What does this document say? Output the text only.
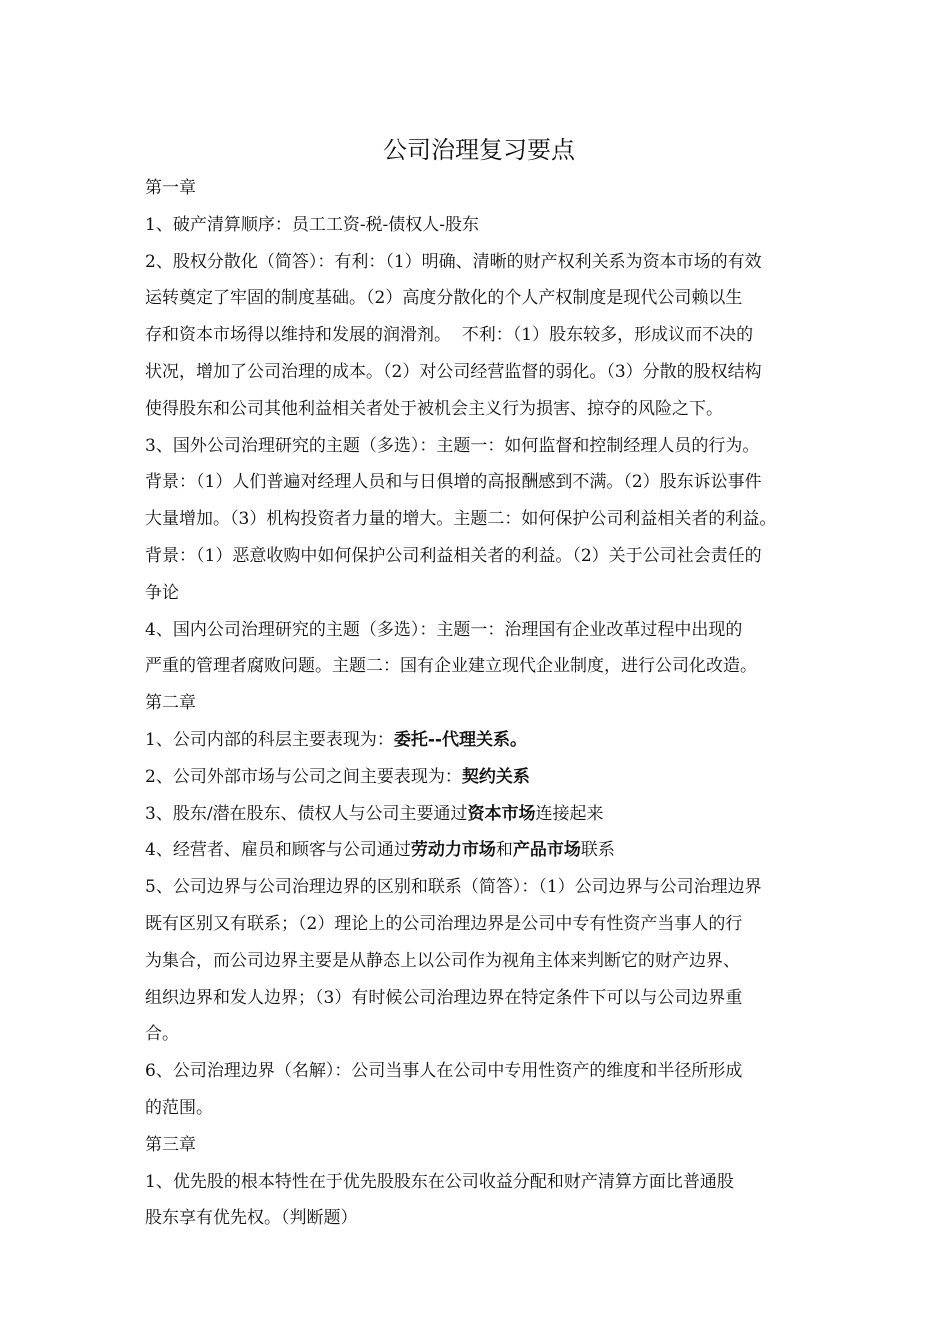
公司治理复习要点

第一章

1、破产清算顺序：员工工资-税-债权人-股东

2、股权分散化（简答）：有利：（1）明确、清晰的财产权利关系为资本市场的有效

运转奠定了牢固的制度基础。（2）高度分散化的个人产权制度是现代公司赖以生

存和资本市场得以维持和发展的润滑剂。  不利：（1）股东较多，形成议而不决的

状况，增加了公司治理的成本。（2）对公司经营监督的弱化。（3）分散的股权结构

使得股东和公司其他利益相关者处于被机会主义行为损害、掠夺的风险之下。

3、国外公司治理研究的主题（多选）：主题一：如何监督和控制经理人员的行为。

背景：（1）人们普遍对经理人员和与日俱增的高报酬感到不满。（2）股东诉讼事件

大量增加。（3）机构投资者力量的增大。主题二：如何保护公司利益相关者的利益。

背景：（1）恶意收购中如何保护公司利益相关者的利益。（2）关于公司社会责任的

争论

4、国内公司治理研究的主题（多选）：主题一：治理国有企业改革过程中出现的

严重的管理者腐败问题。主题二：国有企业建立现代企业制度，进行公司化改造。

第二章

1、公司内部的科层主要表现为：委托--代理关系。

2、公司外部市场与公司之间主要表现为：契约关系

3、股东/潜在股东、债权人与公司主要通过资本市场连接起来

4、经营者、雇员和顾客与公司通过劳动力市场和产品市场联系

5、公司边界与公司治理边界的区别和联系（简答）：（1）公司边界与公司治理边界

既有区别又有联系；（2）理论上的公司治理边界是公司中专有性资产当事人的行

为集合，而公司边界主要是从静态上以公司作为视角主体来判断它的财产边界、

组织边界和发人边界；（3）有时候公司治理边界在特定条件下可以与公司边界重

合。

6、公司治理边界（名解）：公司当事人在公司中专用性资产的维度和半径所形成

的范围。

第三章

1、优先股的根本特性在于优先股股东在公司收益分配和财产清算方面比普通股

股东享有优先权。（判断题）
